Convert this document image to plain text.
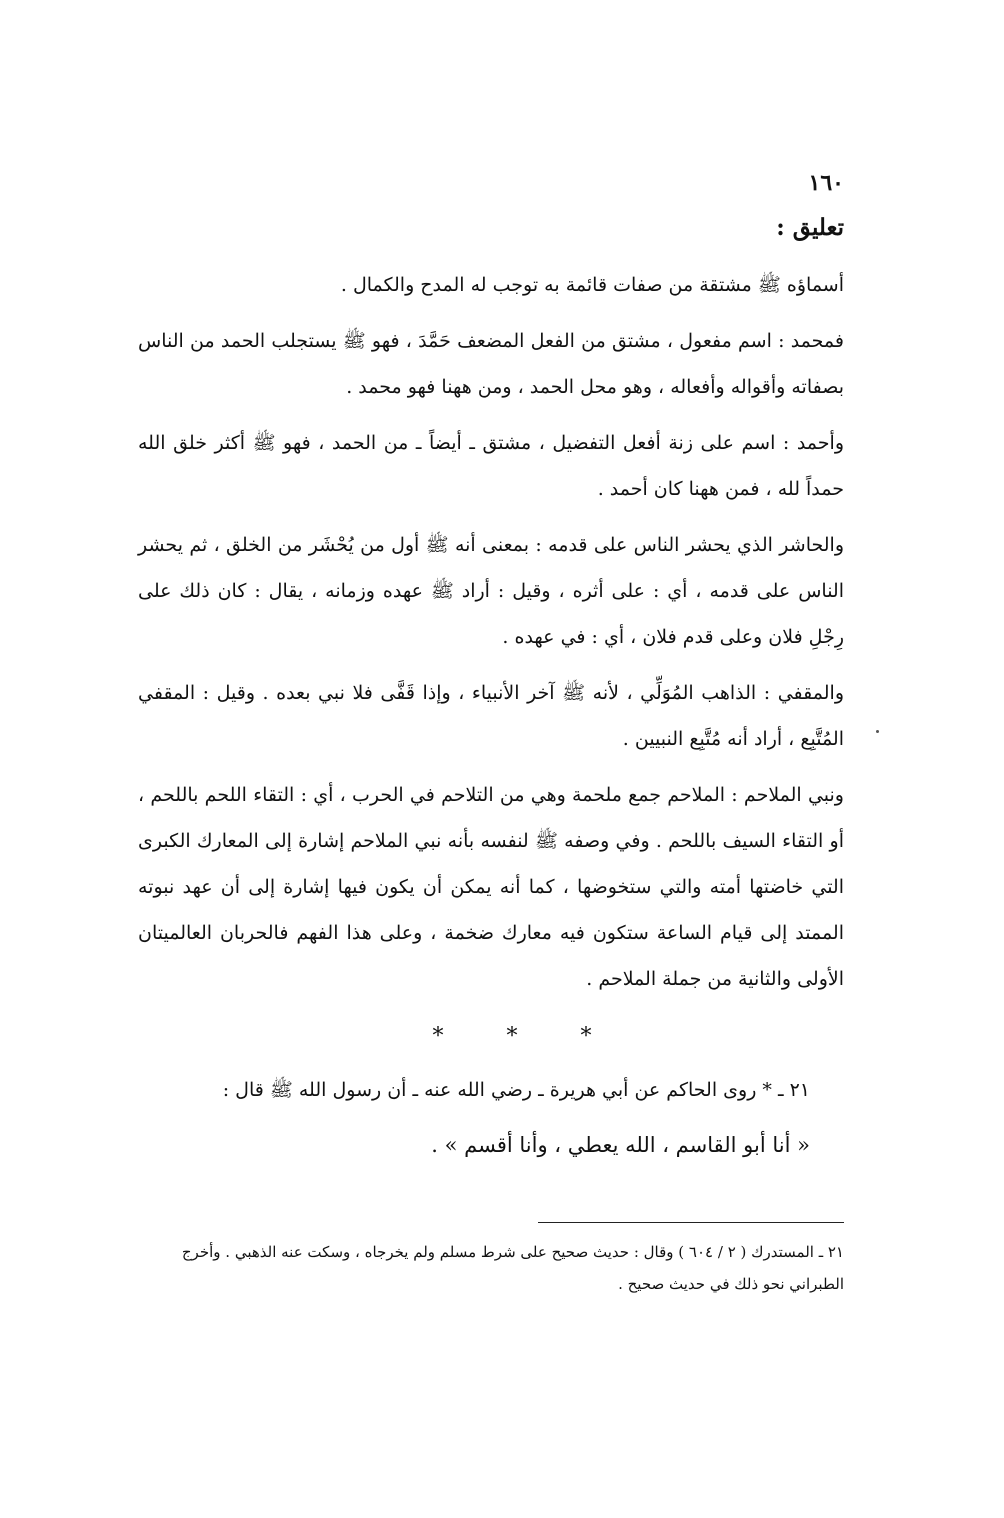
١٦٠
تعليق :

أسماؤه ﷺ مشتقة من صفات قائمة به توجب له المدح والكمال .

فمحمد : اسم مفعول ، مشتق من الفعل المضعف حَمَّدَ ، فهو ﷺ يستجلب الحمد من الناس بصفاته وأقواله وأفعاله ، وهو محل الحمد ، ومن ههنا فهو محمد .

وأحمد : اسم على زنة أفعل التفضيل ، مشتق ـ أيضاً ـ من الحمد ، فهو ﷺ أكثر خلق الله حمداً لله ، فمن ههنا كان أحمد .

والحاشر الذي يحشر الناس على قدمه : بمعنى أنه ﷺ أول من يُحْشَر من الخلق ، ثم يحشر الناس على قدمه ، أي : على أثره ، وقيل : أراد ﷺ عهده وزمانه ، يقال : كان ذلك على رِجْلِ فلان وعلى قدم فلان ، أي : في عهده .

والمقفي : الذاهب المُوَلِّي ، لأنه ﷺ آخر الأنبياء ، وإذا قَفَّى فلا نبي بعده . وقيل : المقفي المُتَّبِع ، أراد أنه مُتَّبِع النبيين .

ونبي الملاحم : الملاحم جمع ملحمة وهي من التلاحم في الحرب ، أي : التقاء اللحم باللحم ، أو التقاء السيف باللحم . وفي وصفه ﷺ لنفسه بأنه نبي الملاحم إشارة إلى المعارك الكبرى التي خاضتها أمته والتي ستخوضها ، كما أنه يمكن أن يكون فيها إشارة إلى أن عهد نبوته الممتد إلى قيام الساعة ستكون فيه معارك ضخمة ، وعلى هذا الفهم فالحربان العالميتان الأولى والثانية من جملة الملاحم .

* * *

٢١ ـ * روى الحاكم عن أبي هريرة ـ رضي الله عنه ـ أن رسول الله ﷺ قال :

« أنا أبو القاسم ، الله يعطي ، وأنا أقسم » .

٢١ ـ المستدرك ( ٢ / ٦٠٤ ) وقال : حديث صحيح على شرط مسلم ولم يخرجاه ، وسكت عنه الذهبي . وأخرج الطبراني نحو ذلك في حديث صحيح .
